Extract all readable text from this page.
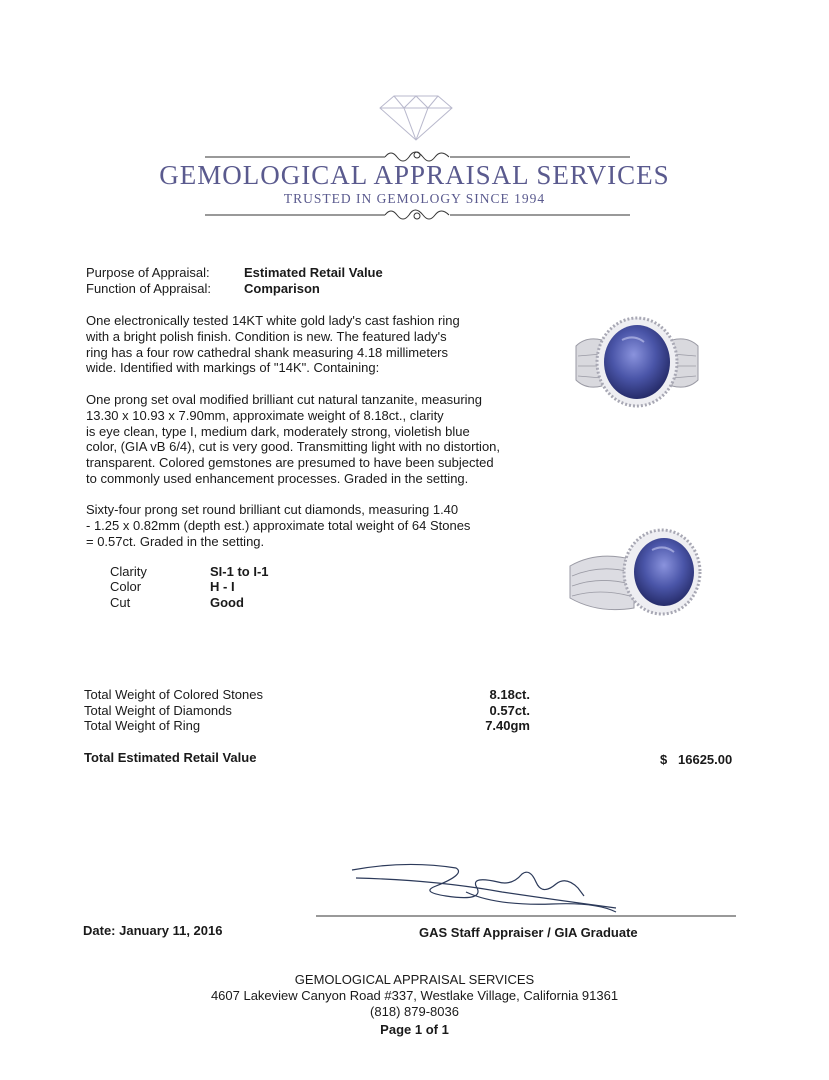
GEMOLOGICAL APPRAISAL SERVICES
TRUSTED IN GEMOLOGY SINCE 1994
Purpose of Appraisal:	Estimated Retail Value
Function of Appraisal:	Comparison
One electronically tested 14KT white gold lady's cast fashion ring
with a bright polish finish. Condition is new. The featured lady's
ring has a four row cathedral shank measuring 4.18 millimeters
wide. Identified with markings of "14K". Containing:
One prong set oval modified brilliant cut natural tanzanite, measuring
13.30 x 10.93 x 7.90mm, approximate weight of 8.18ct., clarity
is eye clean, type I, medium dark, moderately strong, violetish blue
color, (GIA vB 6/4), cut is very good. Transmitting light with no distortion,
transparent. Colored gemstones are presumed to have been subjected
to commonly used enhancement processes. Graded in the setting.
Sixty-four prong set round brilliant cut diamonds, measuring 1.40
- 1.25 x 0.82mm (depth est.) approximate total weight of 64 Stones
= 0.57ct. Graded in the setting.
Clarity	SI-1 to I-1
Color	H - I
Cut	Good
Total Weight of Colored Stones	8.18ct.
Total Weight of Diamonds	0.57ct.
Total Weight of Ring	7.40gm
Total Estimated Retail Value	$ 16625.00
Date: January 11, 2016	GAS Staff Appraiser / GIA Graduate
GEMOLOGICAL APPRAISAL SERVICES
4607 Lakeview Canyon Road #337, Westlake Village, California 91361
(818) 879-8036
Page 1 of 1
